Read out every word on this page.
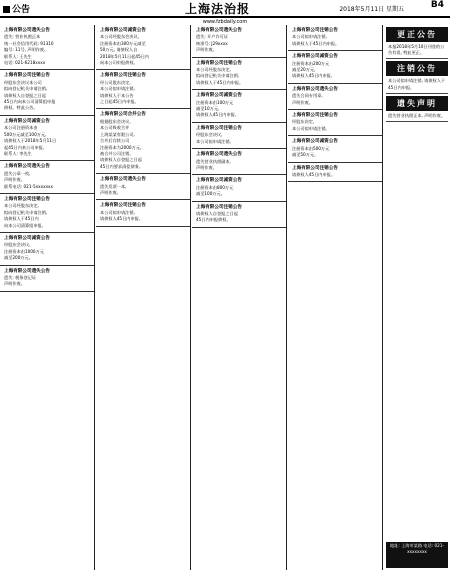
公告	上海法治报	2018年5月11日 星期五	B4
www.fzbdaily.com
上海有限公司遗失公告
遗失: 营业执照正本
统一社会信用代码: 91310
编号: 11号, 声明作废。
联系人: 王先生
电话: 021-6218xxxx
上海有限公司注销公告
经股东会决议本公司
拟向登记机关申请注销,
请债权人自登报之日起
45日内向本公司清算组申报
债权。特此公告。
上海有限公司减资公告
本公司注册资本由
500万元减至100万元,
请债权人于2018年5月11日
起45日内来公司申报。
联系人: 李先生
上海有限公司遗失公告
遗失公章一枚,
声明作废。
联系电话: 021-5xxxxxxx
上海有限公司注销公告
本公司经股东决定,
拟向登记机关申请注销,
请债权人于45日内
向本公司清算组申报。
上海有限公司减资公告
经股东会决议,
注册资本由1000万元
减至200万元。
上海有限公司遗失公告
遗失: 税务登记证
声明作废。
上海有限公司减资公告
本公司经股东会决议,
注册资本由300万元减至
50万元, 请债权人自
2018年5月11日起45日内
向本公司申报债权。
上海有限公司注销公告
经公司股东决定,
本公司拟申请注销,
请债权人于本公告
之日起45日内申报。
上海有限公司合并公告
根据股东会决议,
本公司吸收合并
上海某某有限公司,
合并后存续公司
注册资本为2000万元,
被合并公司注销。
请债权人自登报之日起
45日内要求清偿债务。
上海有限公司遗失公告
遗失发票一本,
声明作废。
上海有限公司注销公告
本公司拟申请注销,
请债权人45日内申报。
上海有限公司遗失公告
遗失: 开户许可证
核准号: J29xxxx
声明作废。
上海有限公司注销公告
本公司经股东决定,
拟向登记机关申请注销,
请债权人于45日内申报。
上海有限公司减资公告
注册资本由100万元
减至10万元,
请债权人45日内申报。
上海有限公司注销公告
经股东会决议,
本公司拟申请注销。
上海有限公司遗失公告
遗失营业执照副本,
声明作废。
上海有限公司减资公告
注册资本由800万元
减至100万元。
上海有限公司注销公告
请债权人自登报之日起
45日内申报债权。
上海有限公司注销公告
本公司拟申请注销,
请债权人于45日内申报。
上海有限公司减资公告
注册资本由200万元
减至20万元,
请债权人45日内申报。
上海有限公司遗失公告
遗失合同专用章,
声明作废。
上海有限公司注销公告
经股东决定,
本公司拟申请注销。
上海有限公司减资公告
注册资本由500万元
减至50万元。
上海有限公司注销公告
请债权人45日内申报。
更正公告
本报2018年5月10日刊登的公告有误, 特此更正。
注销公告
本公司拟申请注销, 请债权人于45日内申报。
遗失声明
遗失营业执照正本, 声明作废。
地址: 上海市某路 电话: 021-xxxxxxxx
